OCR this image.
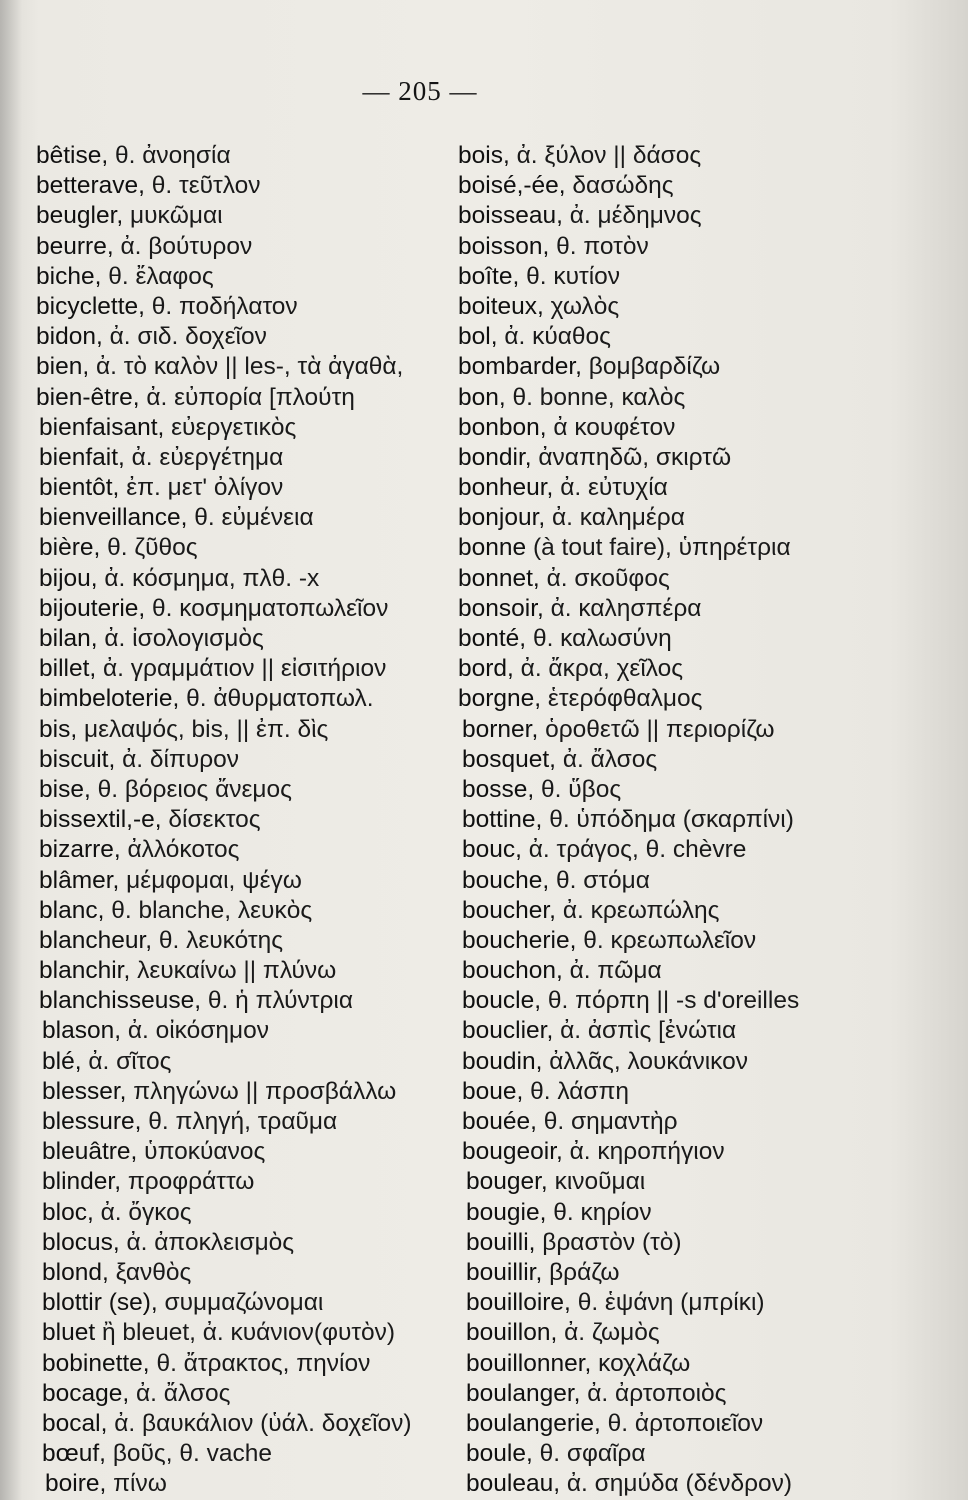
— 205 —
bêtise, θ. ἀνοησία
betterave, θ. τεῦτλον
beugler, μυκῶμαι
beurre, ἀ. βούτυρον
biche, θ. ἔλαφος
bicyclette, θ. ποδήλατον
bidon, ἀ. σιδ. δοχεῖον
bien, ἀ. τὸ καλὸν || les-, τὰ ἀγαθὰ,
bien-être, ἀ. εὐπορία [πλούτη
bienfaisant, εὐεργετικὸς
bienfait, ἀ. εὐεργέτημα
bientôt, ἐπ. μετ' ὀλίγον
bienveillance, θ. εὐμένεια
bière, θ. ζῦθος
bijou, ἀ. κόσμημα, πλθ. -x
bijouterie, θ. κοσμηματοπωλεῖον
bilan, ἀ. ἰσολογισμὸς
billet, ἀ. γραμμάτιον || εἰσιτήριον
bimbeloterie, θ. ἀθυρματοπωλ.
bis, μελαψός, bis, || ἐπ. δὶς
biscuit, ἀ. δίπυρον
bise, θ. βόρειος ἄνεμος
bissextil,-e, δίσεκτος
bizarre, ἀλλόκοτος
blâmer, μέμφομαι, ψέγω
blanc, θ. blanche, λευκὸς
blancheur, θ. λευκότης
blanchir, λευκαίνω || πλύνω
blanchisseuse, θ. ἡ πλύντρια
blason, ἀ. οἰκόσημον
blé, ἀ. σῖτος
blesser, πληγώνω || προσβάλλω
blessure, θ. πληγή, τραῦμα
bleuâtre, ὑποκύανος
blinder, προφράττω
bloc, ἀ. ὄγκος
blocus, ἀ. ἀποκλεισμὸς
blond, ξανθὸς
blottir (se), συμμαζώνομαι
bluet ἢ bleuet, ἀ. κυάνιον(φυτὸν)
bobinette, θ. ἄτρακτος, πηνίον
bocage, ἀ. ἄλσος
bocal, ἀ. βαυκάλιον (ὑάλ. δοχεῖον)
bœuf, βοῦς, θ. vache
boire, πίνω
bois, ἀ. ξύλον || δάσος
boisé,-ée, δασώδης
boisseau, ἀ. μέδημνος
boisson, θ. ποτὸν
boîte, θ. κυτίον
boiteux, χωλὸς
bol, ἀ. κύαθος
bombarder, βομβαρδίζω
bon, θ. bonne, καλὸς
bonbon, ἀ κουφέτον
bondir, ἀναπηδῶ, σκιρτῶ
bonheur, ἀ. εὐτυχία
bonjour, ἀ. καλημέρα
bonne (à tout faire), ὑπηρέτρια
bonnet, ἀ. σκοῦφος
bonsoir, ἀ. καλησπέρα
bonté, θ. καλωσύνη
bord, ἀ. ἄκρα, χεῖλος
borgne, ἑτερόφθαλμος
borner, ὁροθετῶ || περιορίζω
bosquet, ἀ. ἄλσος
bosse, θ. ὕβος
bottine, θ. ὑπόδημα (σκαρπίνι)
bouc, ἀ. τράγος, θ. chèvre
bouche, θ. στόμα
boucher, ἀ. κρεωπώλης
boucherie, θ. κρεωπωλεῖον
bouchon, ἀ. πῶμα
boucle, θ. πόρπη || -s d'oreilles
bouclier, ἀ. ἀσπὶς [ἐνώτια
boudin, ἀλλᾶς, λουκάνικον
boue, θ. λάσπη
bouée, θ. σημαντὴρ
bougeoir, ἀ. κηροπήγιον
bouger, κινοῦμαι
bougie, θ. κηρίον
bouilli, βραστὸν (τὸ)
bouillir, βράζω
bouilloire, θ. ἑψάνη (μπρίκι)
bouillon, ἀ. ζωμὸς
bouillonner, κοχλάζω
boulanger, ἀ. ἀρτοποιὸς
boulangerie, θ. ἀρτοποιεῖον
boule, θ. σφαῖρα
bouleau, ἀ. σημύδα (δένδρον)
